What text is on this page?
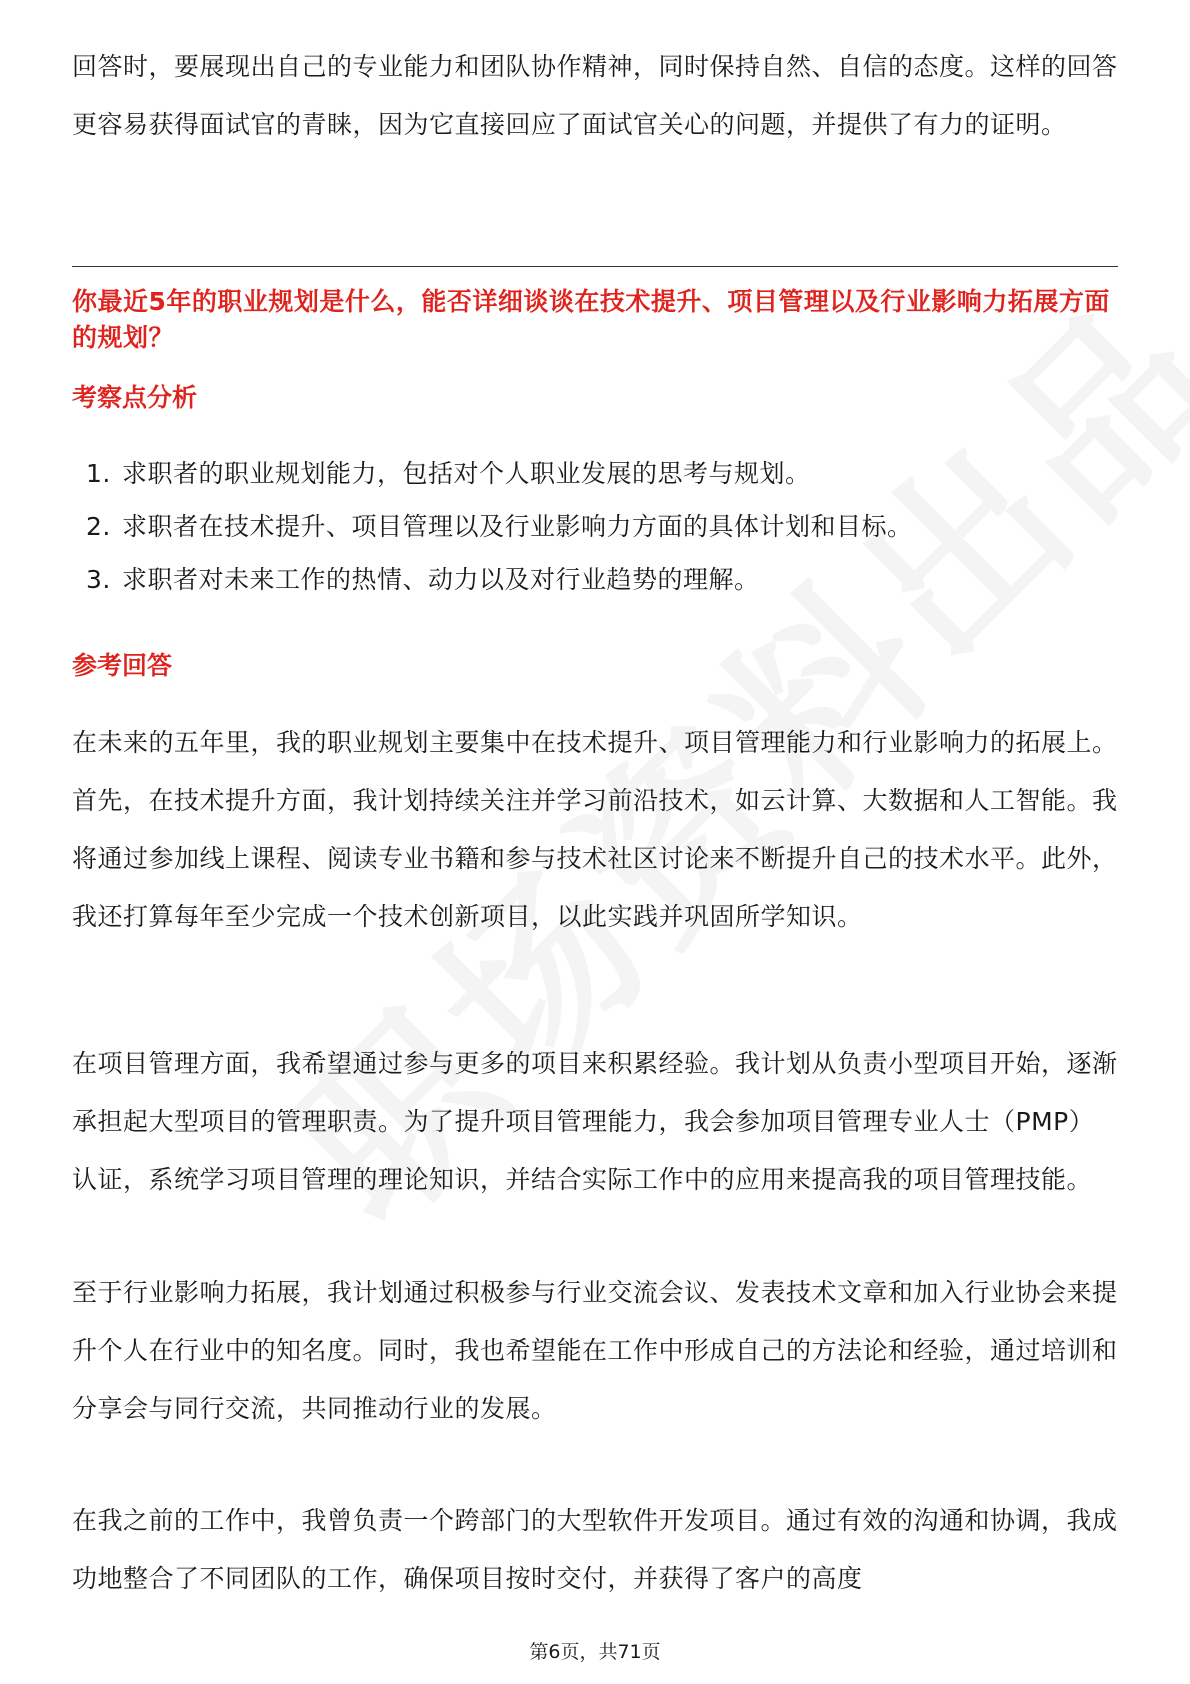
回答时，要展现出自己的专业能力和团队协作精神，同时保持自然、自信的态度。这样的回答更容易获得面试官的青睐，因为它直接回应了面试官关心的问题，并提供了有力的证明。

你最近5年的职业规划是什么，能否详细谈谈在技术提升、项目管理以及行业影响力拓展方面的规划？
考察点分析
1. 求职者的职业规划能力，包括对个人职业发展的思考与规划。
2. 求职者在技术提升、项目管理以及行业影响力方面的具体计划和目标。
3. 求职者对未来工作的热情、动力以及对行业趋势的理解。
参考回答

在未来的五年里，我的职业规划主要集中在技术提升、项目管理能力和行业影响力的拓展上。首先，在技术提升方面，我计划持续关注并学习前沿技术，如云计算、大数据和人工智能。我将通过参加线上课程、阅读专业书籍和参与技术社区讨论来不断提升自己的技术水平。此外，我还打算每年至少完成一个技术创新项目，以此实践并巩固所学知识。

在项目管理方面，我希望通过参与更多的项目来积累经验。我计划从负责小型项目开始，逐渐承担起大型项目的管理职责。为了提升项目管理能力，我会参加项目管理专业人士（PMP）认证，系统学习项目管理的理论知识，并结合实际工作中的应用来提高我的项目管理技能。

至于行业影响力拓展，我计划通过积极参与行业交流会议、发表技术文章和加入行业协会来提升个人在行业中的知名度。同时，我也希望能在工作中形成自己的方法论和经验，通过培训和分享会与同行交流，共同推动行业的发展。

在我之前的工作中，我曾负责一个跨部门的大型软件开发项目。通过有效的沟通和协调，我成功地整合了不同团队的工作，确保项目按时交付，并获得了客户的高度

第6页，共71页
